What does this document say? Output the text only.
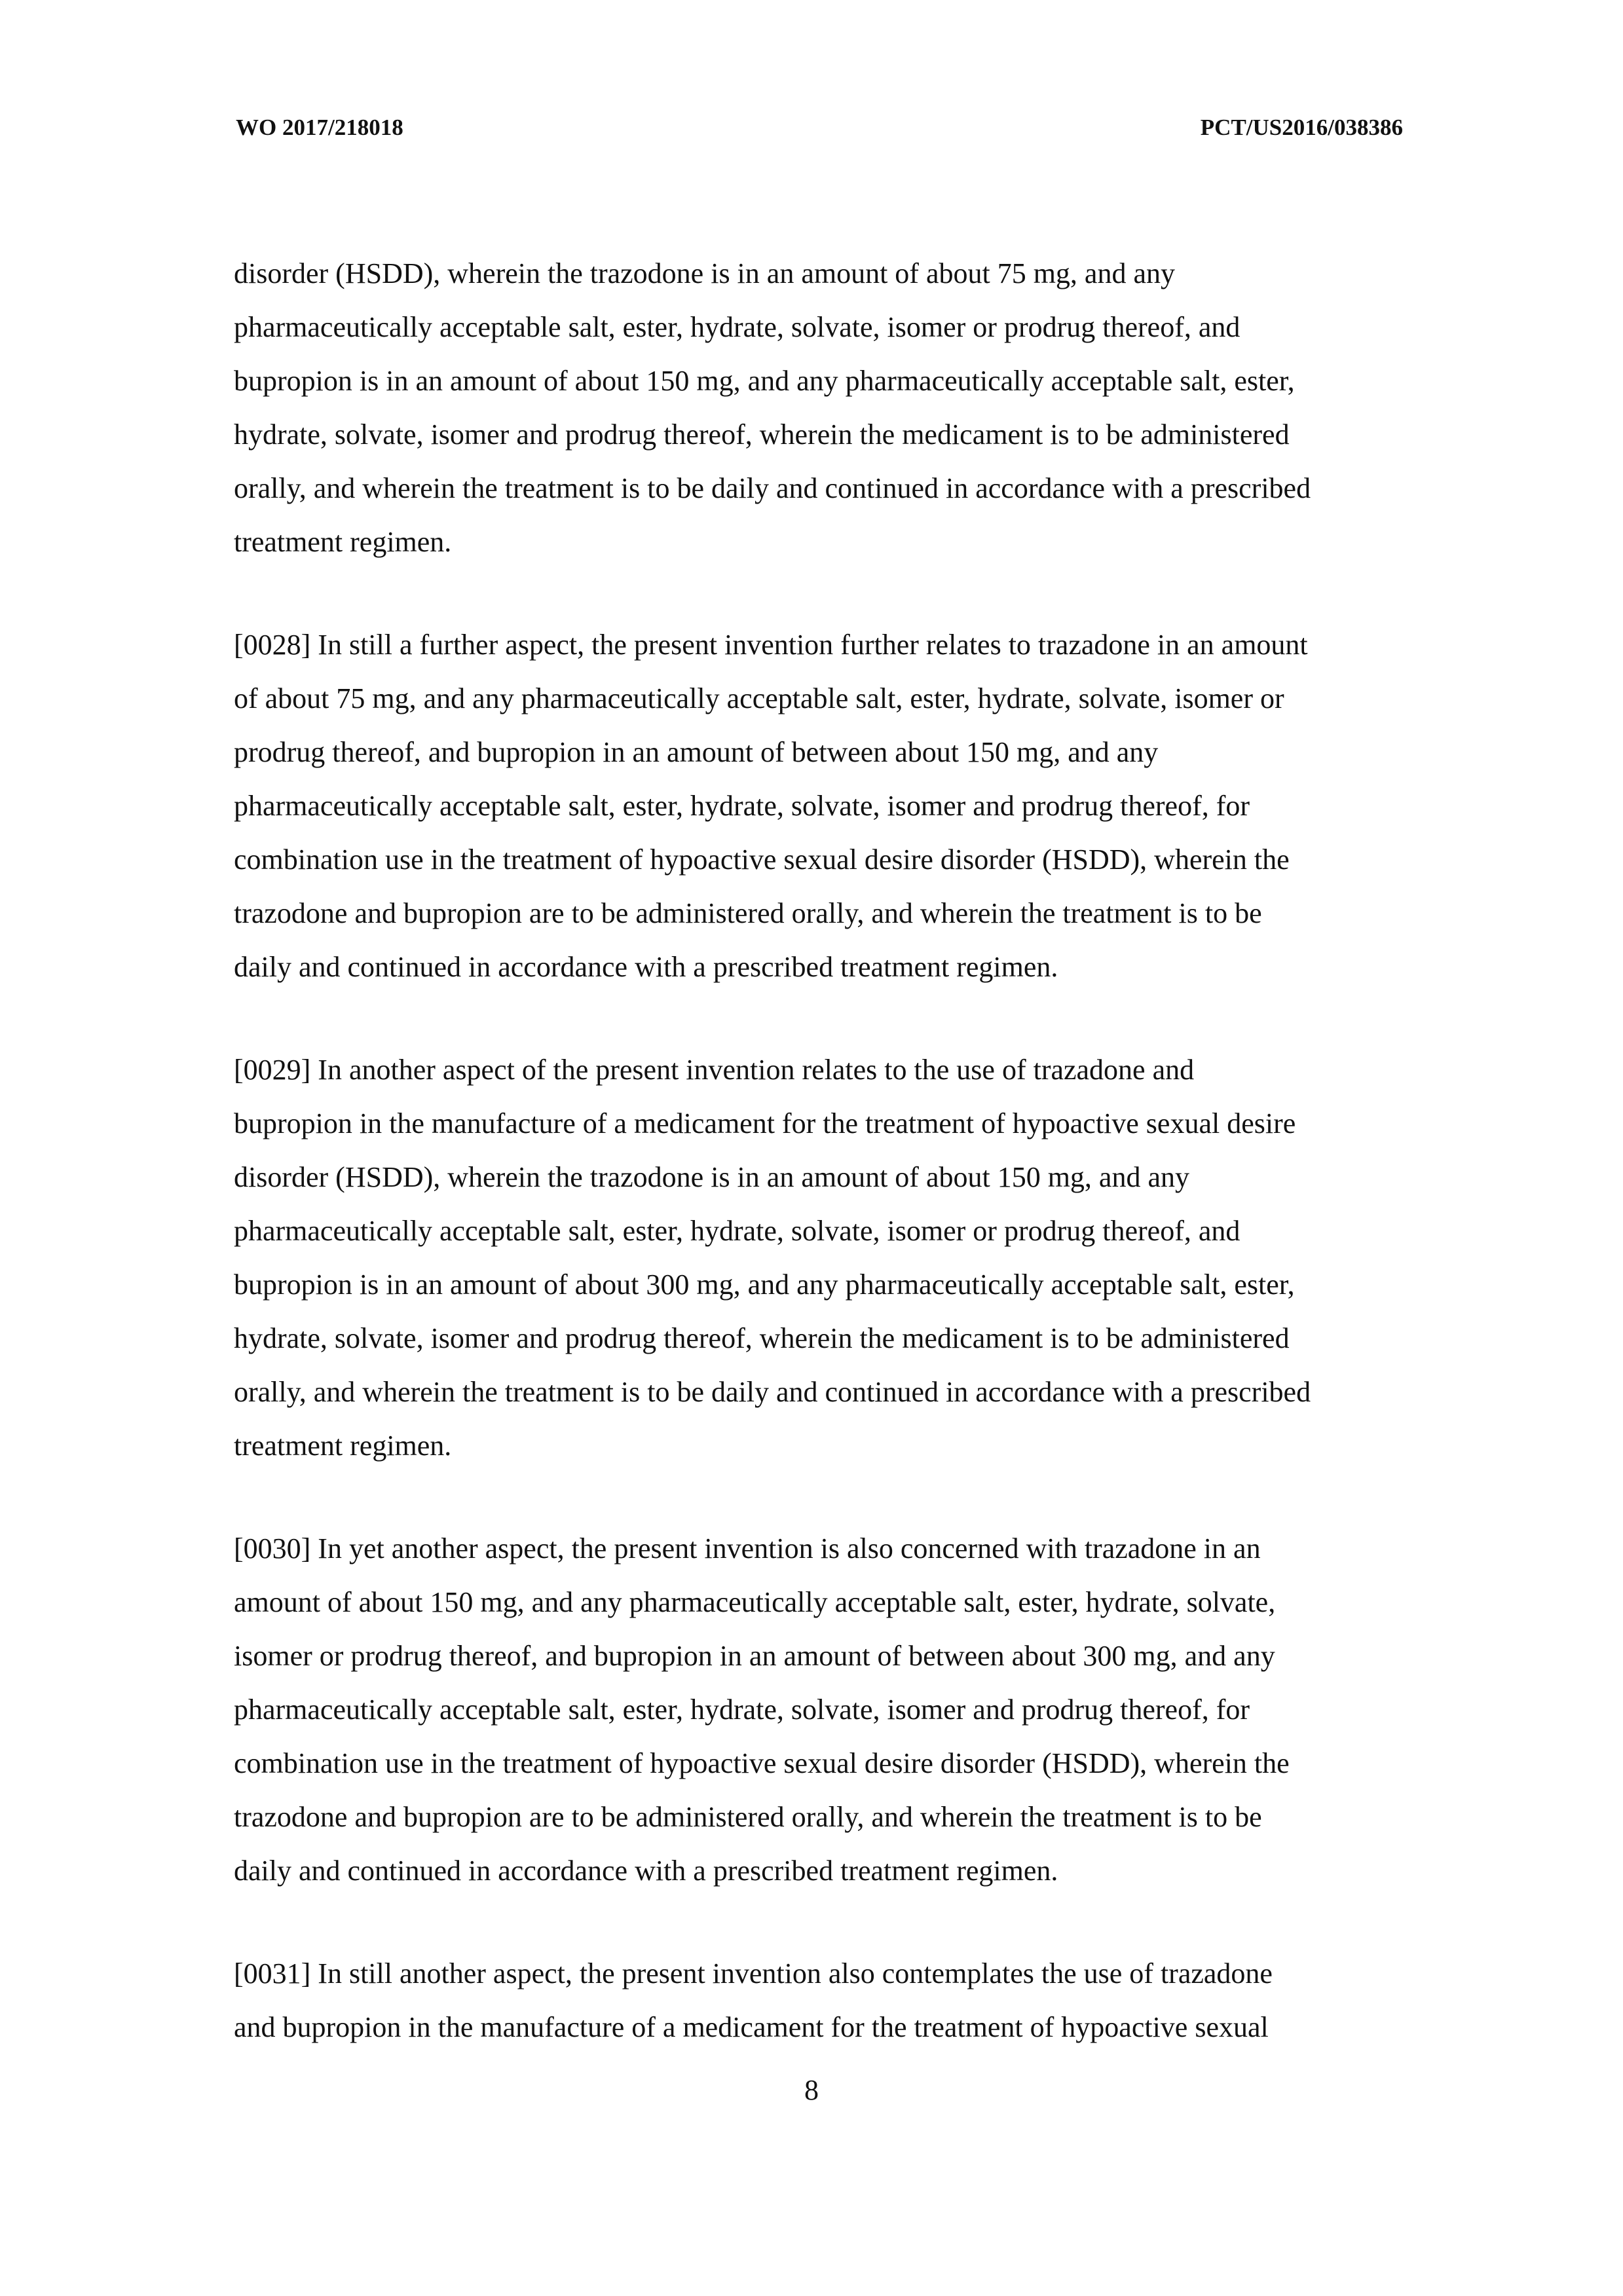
WO 2017/218018	PCT/US2016/038386
disorder (HSDD), wherein the trazodone is in an amount of about 75 mg, and any
pharmaceutically acceptable salt, ester, hydrate, solvate, isomer or prodrug thereof, and
bupropion is in an amount of about 150 mg, and any pharmaceutically acceptable salt, ester,
hydrate, solvate, isomer and prodrug thereof, wherein the medicament is to be administered
orally, and wherein the treatment is to be daily and continued in accordance with a prescribed
treatment regimen.
[0028] In still a further aspect, the present invention further relates to trazadone in an amount
of about 75 mg, and any pharmaceutically acceptable salt, ester, hydrate, solvate, isomer or
prodrug thereof, and bupropion in an amount of between about 150 mg, and any
pharmaceutically acceptable salt, ester, hydrate, solvate, isomer and prodrug thereof, for
combination use in the treatment of hypoactive sexual desire disorder (HSDD), wherein the
trazodone and bupropion are to be administered orally, and wherein the treatment is to be
daily and continued in accordance with a prescribed treatment regimen.
[0029] In another aspect of the present invention relates to the use of trazadone and
bupropion in the manufacture of a medicament for the treatment of hypoactive sexual desire
disorder (HSDD), wherein the trazodone is in an amount of about 150 mg, and any
pharmaceutically acceptable salt, ester, hydrate, solvate, isomer or prodrug thereof, and
bupropion is in an amount of about 300 mg, and any pharmaceutically acceptable salt, ester,
hydrate, solvate, isomer and prodrug thereof, wherein the medicament is to be administered
orally, and wherein the treatment is to be daily and continued in accordance with a prescribed
treatment regimen.
[0030] In yet another aspect, the present invention is also concerned with trazadone in an
amount of about 150 mg, and any pharmaceutically acceptable salt, ester, hydrate, solvate,
isomer or prodrug thereof, and bupropion in an amount of between about 300 mg, and any
pharmaceutically acceptable salt, ester, hydrate, solvate, isomer and prodrug thereof, for
combination use in the treatment of hypoactive sexual desire disorder (HSDD), wherein the
trazodone and bupropion are to be administered orally, and wherein the treatment is to be
daily and continued in accordance with a prescribed treatment regimen.
[0031] In still another aspect, the present invention also contemplates the use of trazadone
and bupropion in the manufacture of a medicament for the treatment of hypoactive sexual
8
